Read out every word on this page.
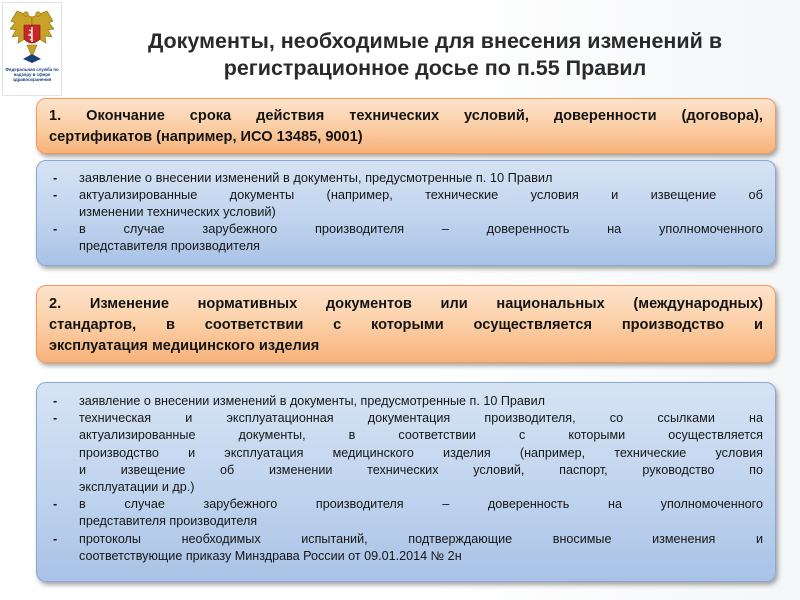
Федеральная служба по надзору в сфере здравоохранения
Документы, необходимые для внесения изменений в
регистрационное досье по п.55 Правил
1. Окончание срока действия технических условий, доверенности (договора),
сертификатов (например, ИСО 13485, 9001)
- заявление о внесении изменений в документы, предусмотренные п. 10 Правил
- актуализированные документы (например, технические условия и извещение об
изменении технических условий)
- в случае зарубежного производителя – доверенность на уполномоченного
представителя производителя
2. Изменение нормативных документов или национальных (международных)
стандартов, в соответствии с которыми осуществляется производство и
эксплуатация медицинского изделия
- заявление о внесении изменений в документы, предусмотренные п. 10 Правил
- техническая и эксплуатационная документация производителя, со ссылками на
актуализированные документы, в соответствии с которыми осуществляется
производство и эксплуатация медицинского изделия (например, технические условия
и извещение об изменении технических условий, паспорт, руководство по
эксплуатации и др.)
- в случае зарубежного производителя – доверенность на уполномоченного
представителя производителя
- протоколы необходимых испытаний, подтверждающие вносимые изменения и
соответствующие приказу Минздрава России от 09.01.2014 № 2н
